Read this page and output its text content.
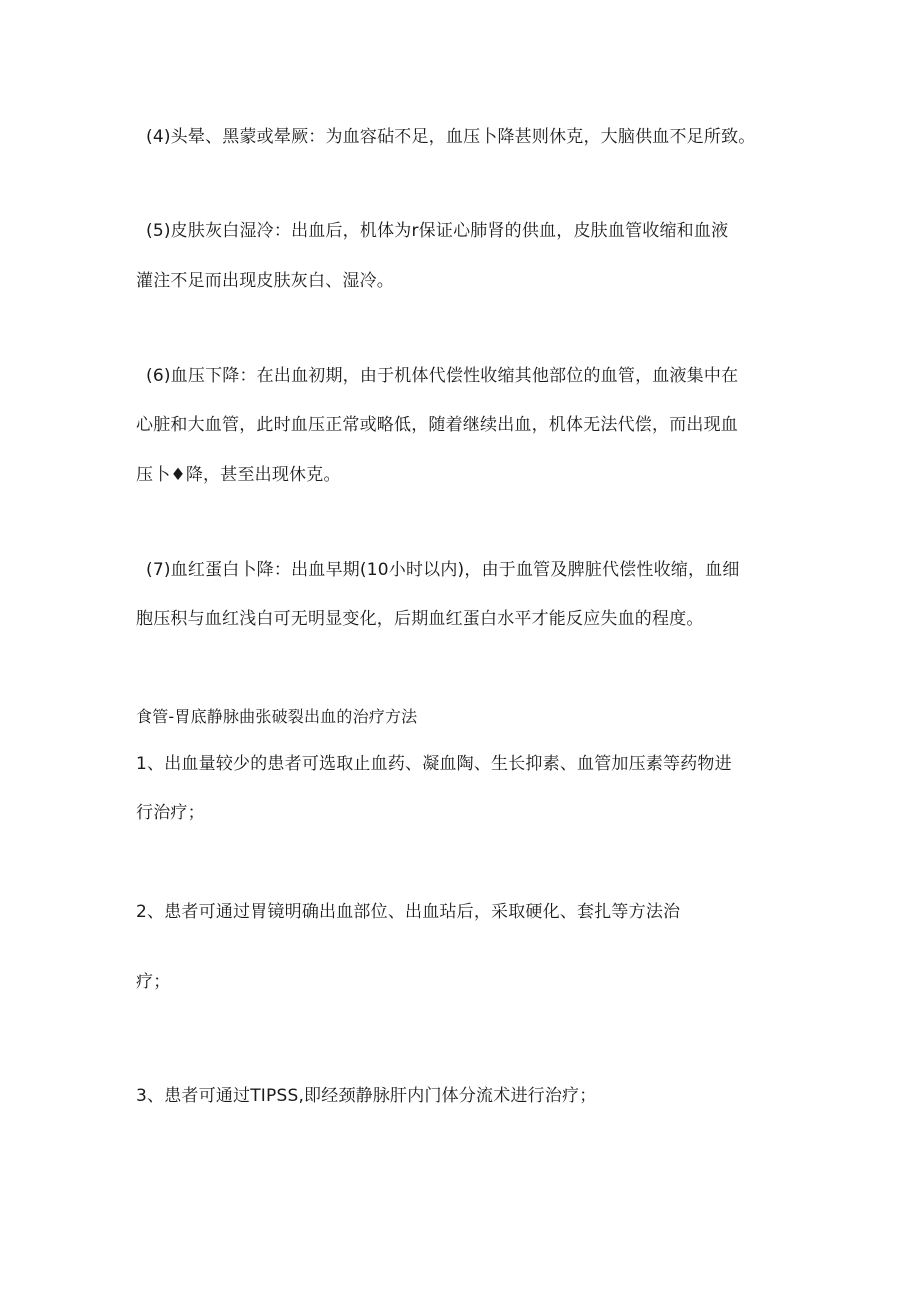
(4)头晕、黑蒙或晕厥：为血容砧不足，血压卜降甚则休克，大脑供血不足所致。
(5)皮肤灰白湿冷：出血后，机体为r保证心肺肾的供血，皮肤血管收缩和血液
灌注不足而出现皮肤灰白、湿冷。
(6)血压下降：在出血初期，由于机体代偿性收缩其他部位的血管，血液集中在
心脏和大血管，此时血压正常或略低，随着继续出血，机体无法代偿，而出现血
压卜♦降，甚至出现休克。
(7)血红蛋白卜降：出血早期(10小时以内)，由于血管及脾脏代偿性收缩，血细
胞压积与血红浅白可无明显变化，后期血红蛋白水平才能反应失血的程度。
食管-胃底静脉曲张破裂出血的治疗方法
1、出血量较少的患者可选取止血药、凝血陶、生长抑素、血管加压素等药物进
行治疗；
2、患者可通过胃镜明确出血部位、出血玷后，采取硬化、套扎等方法治
疗；
3、患者可通过TIPSS,即经颈静脉肝内门体分流术进行治疗；
